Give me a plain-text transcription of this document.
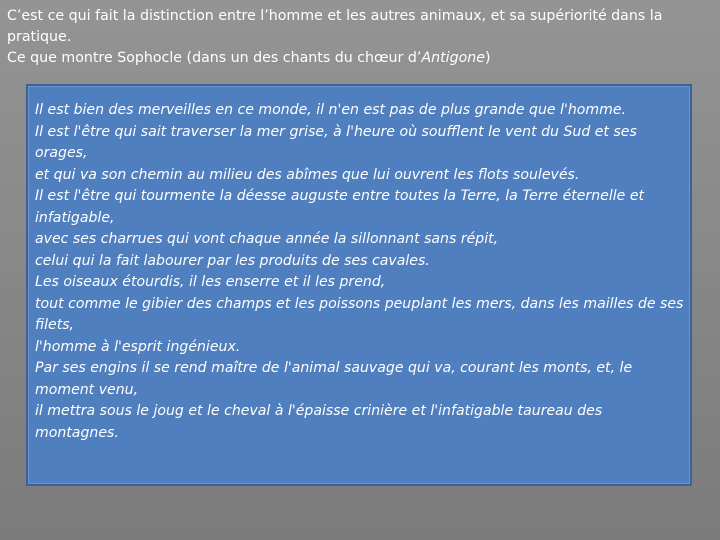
C’est ce qui fait la distinction entre l’homme et les autres animaux, et sa supériorité dans la pratique.

Ce que montre Sophocle (dans un des chants du chœur d’Antigone)

Il est bien des merveilles en ce monde, il n'en est pas de plus grande que l'homme.

Il est l'être qui sait traverser la mer grise, à l'heure où soufflent le vent du Sud et ses orages,

et qui va son chemin au milieu des abîmes que lui ouvrent les flots soulevés.

Il est l'être qui tourmente la déesse auguste entre toutes la Terre, la Terre éternelle et infatigable,

avec ses charrues qui vont chaque année la sillonnant sans répit,

celui qui la fait labourer par les produits de ses cavales.

Les oiseaux étourdis, il les enserre et il les prend,

tout comme le gibier des champs et les poissons peuplant les mers, dans les mailles de ses filets,

l'homme à l'esprit ingénieux.

Par ses engins il se rend maître de l'animal sauvage qui va, courant les monts, et, le moment venu,

il mettra sous le joug et le cheval à l'épaisse crinière et l'infatigable taureau des montagnes.
